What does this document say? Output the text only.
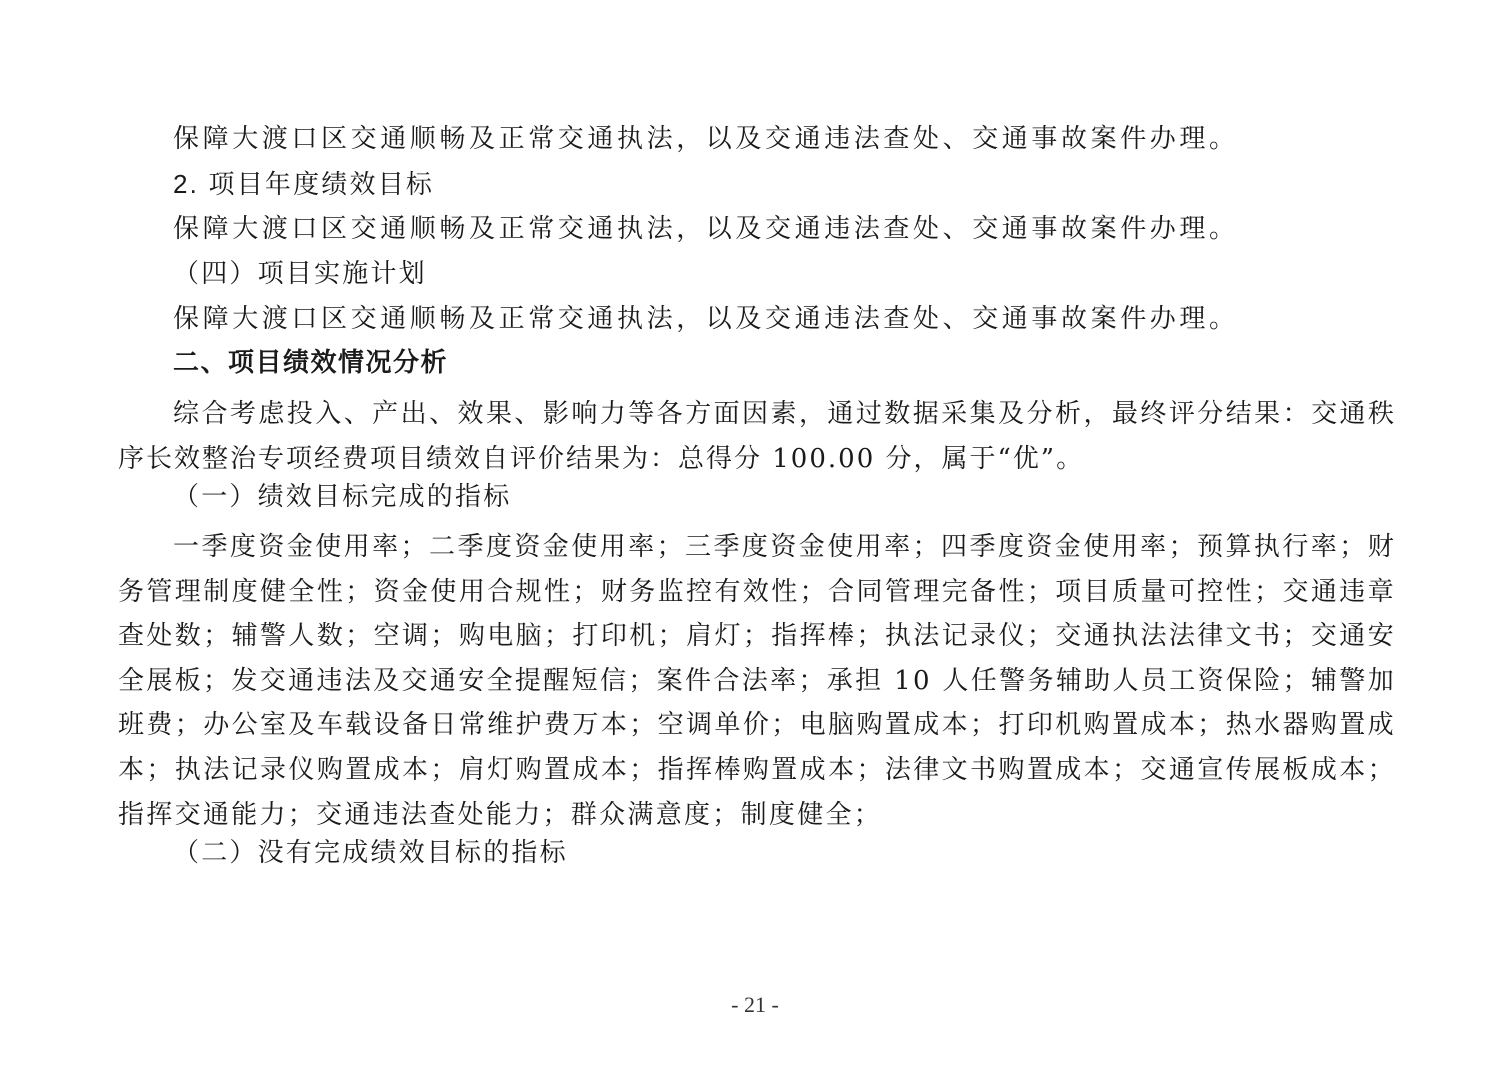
保障大渡口区交通顺畅及正常交通执法，以及交通违法查处、交通事故案件办理。
2. 项目年度绩效目标
保障大渡口区交通顺畅及正常交通执法，以及交通违法查处、交通事故案件办理。
（四）项目实施计划
保障大渡口区交通顺畅及正常交通执法，以及交通违法查处、交通事故案件办理。
二、项目绩效情况分析

综合考虑投入、产出、效果、影响力等各方面因素，通过数据采集及分析，最终评分结果：交通秩序长效整治专项经费项目绩效自评价结果为：总得分 100.00 分，属于“优”。

（一）绩效目标完成的指标

一季度资金使用率；二季度资金使用率；三季度资金使用率；四季度资金使用率；预算执行率；财务管理制度健全性；资金使用合规性；财务监控有效性；合同管理完备性；项目质量可控性；交通违章查处数；辅警人数；空调；购电脑；打印机；肩灯；指挥棒；执法记录仪；交通执法法律文书；交通安全展板；发交通违法及交通安全提醒短信；案件合法率；承担 10 人任警务辅助人员工资保险；辅警加班费；办公室及车载设备日常维护费万本；空调单价；电脑购置成本；打印机购置成本；热水器购置成本；执法记录仪购置成本；肩灯购置成本；指挥棒购置成本；法律文书购置成本；交通宣传展板成本；指挥交通能力；交通违法查处能力；群众满意度；制度健全；

（二）没有完成绩效目标的指标
- 21 -
